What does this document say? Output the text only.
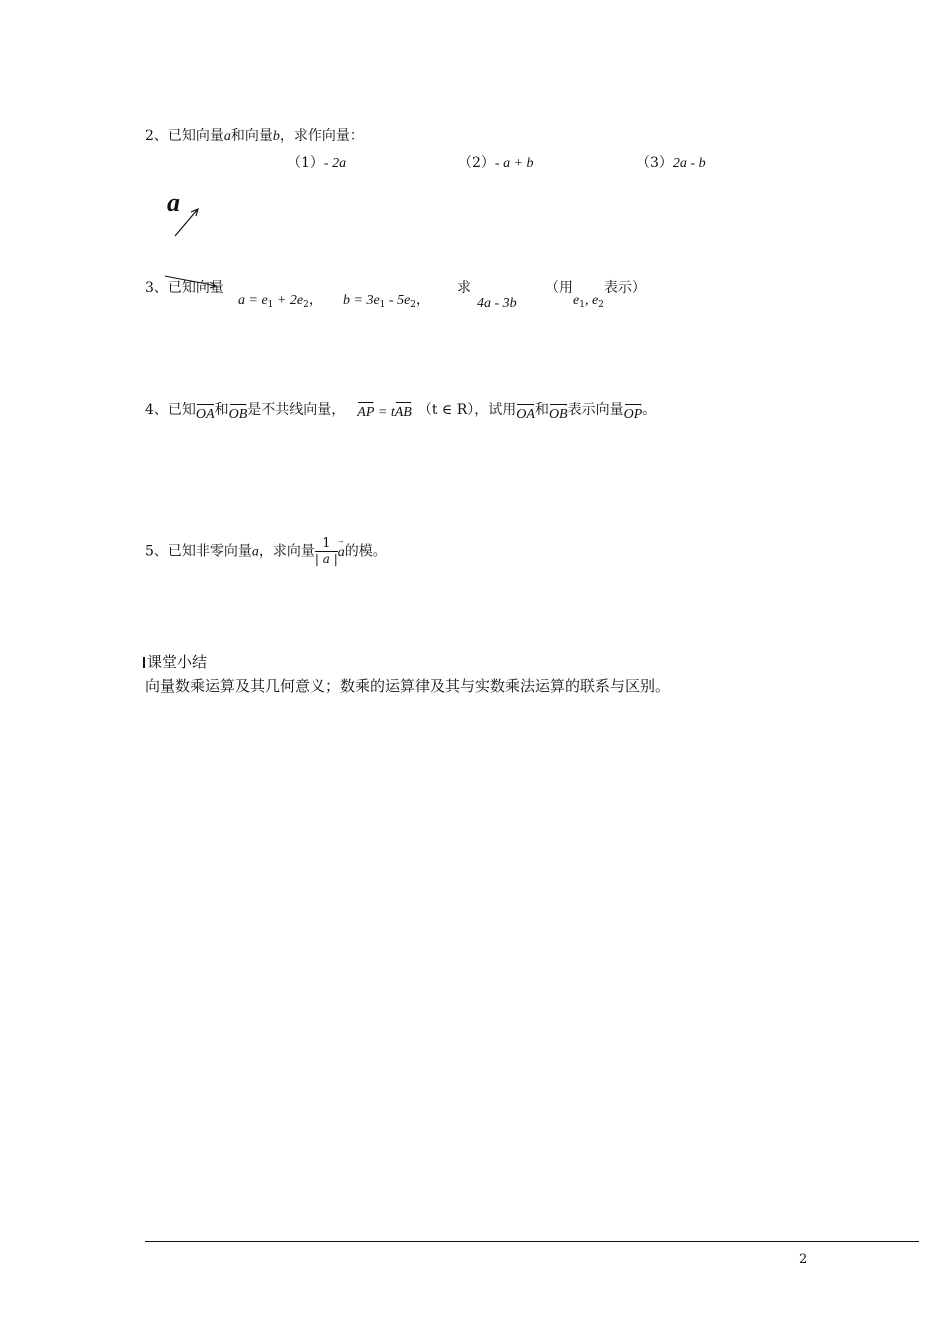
2、已知向量a和向量b，求作向量：
（1）- 2a	（2）- a + b	（3）2a - b
a
3、已知向量
$a = e_1 + 2e_2$， $b = 3e_1 - 5e_2$，
求
4a - 3b
（用$e_1$, $e_2$表示）
4、已知OA
→ 和OB
→ 是不共线向量， AP
→
= tAB
→
（t ∈ R），试用OA
→ 和OB
→ 表示向量OP
→ 。
5、已知非零向量a，求向量 $\frac{1}{| a |}$ a
→
的模。
课堂小结
向量数乘运算及其几何意义；数乘的运算律及其与实数乘法运算的联系与区别。
2
